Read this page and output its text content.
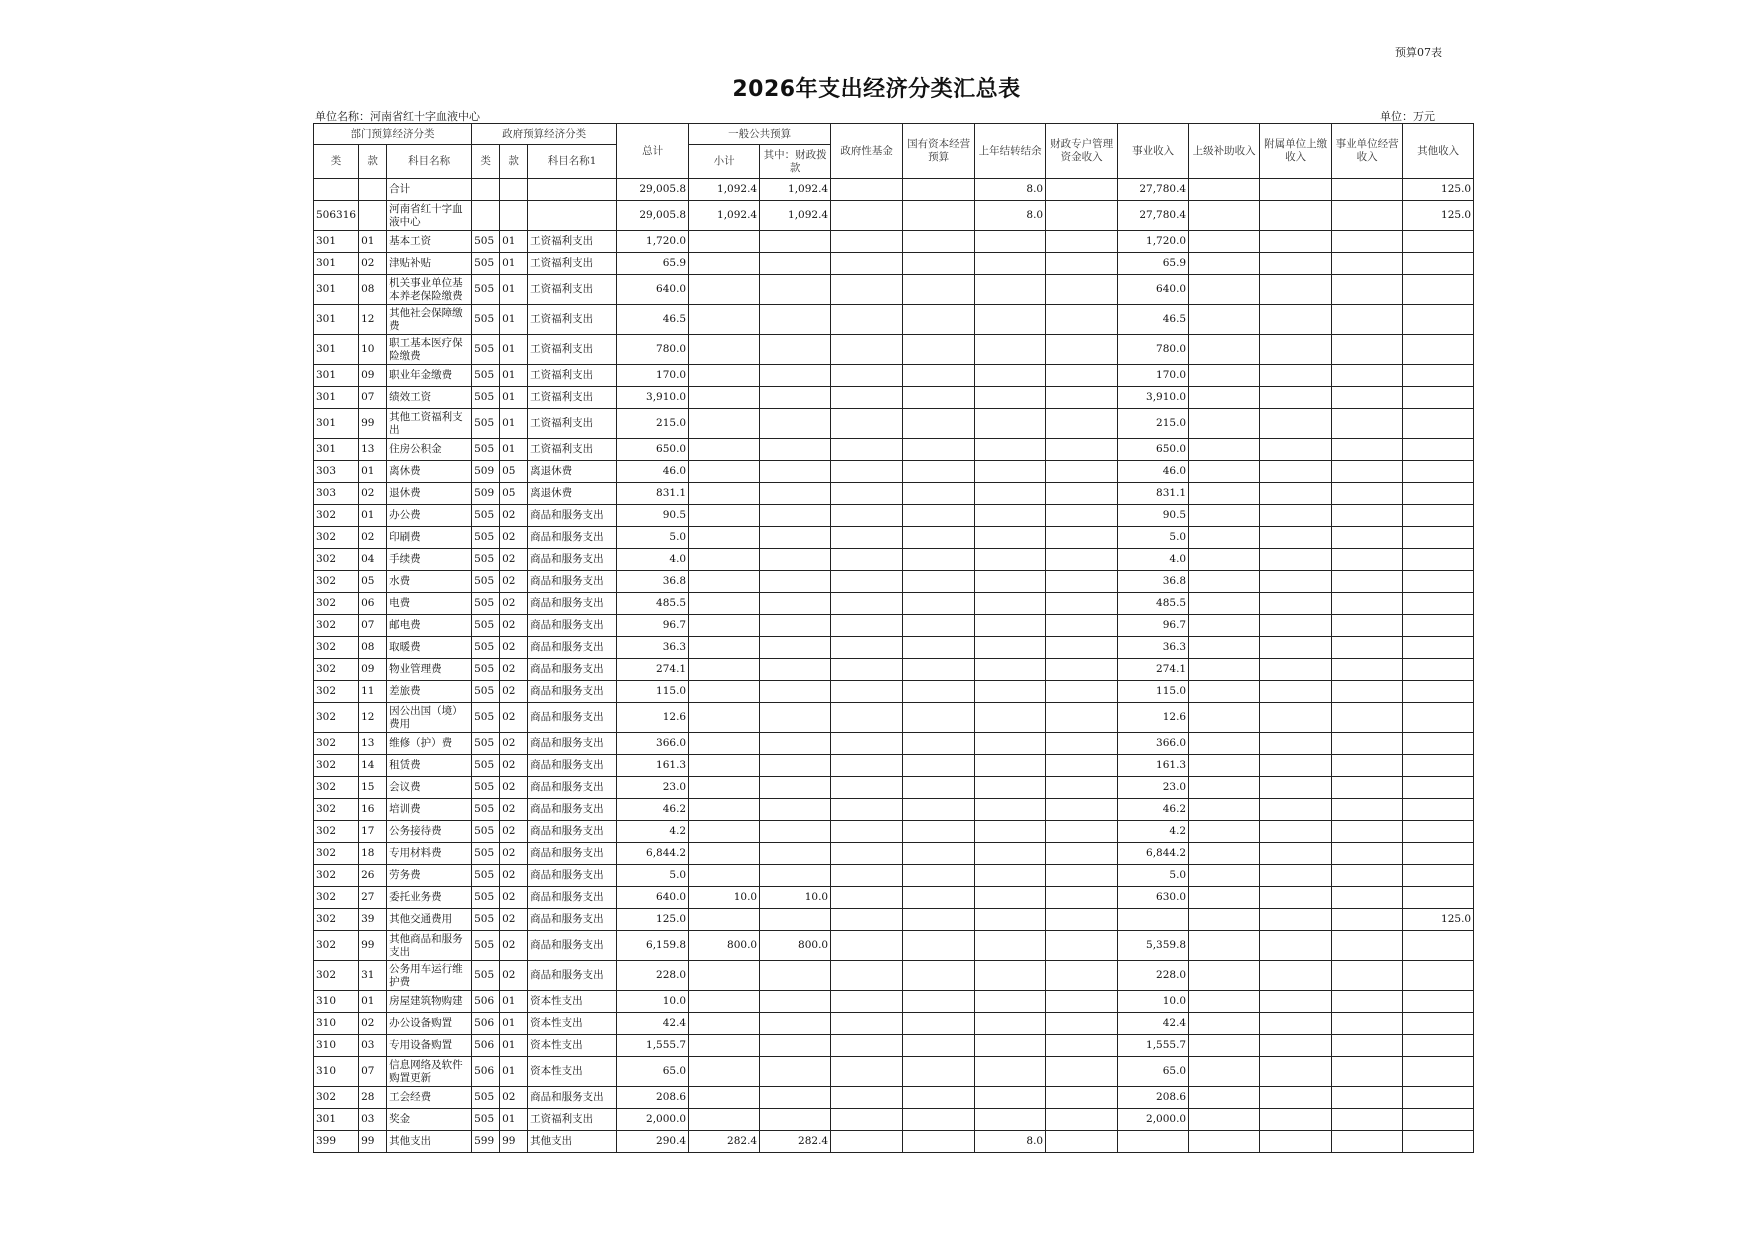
预算07表
2026年支出经济分类汇总表
单位名称：河南省红十字血液中心	单位：万元
部门预算经济分类			政府预算经济分类			总计	一般公共预算		政府性基金	国有资本经营预算	上年结转结余	财政专户管理资金收入	事业收入	上级补助收入	附属单位上缴收入	事业单位经营收入	其他收入
类	款	科目名称	类	款	科目名称1		小计	其中：财政拨款									
		合计				29,005.8	1,092.4	1,092.4			8.0		27,780.4				125.0
506316		河南省红十字血液中心				29,005.8	1,092.4	1,092.4			8.0		27,780.4				125.0
301	01	基本工资	505	01	工资福利支出	1,720.0							1,720.0				
301	02	津贴补贴	505	01	工资福利支出	65.9							65.9				
301	08	机关事业单位基本养老保险缴费	505	01	工资福利支出	640.0							640.0				
301	12	其他社会保障缴费	505	01	工资福利支出	46.5							46.5				
301	10	职工基本医疗保险缴费	505	01	工资福利支出	780.0							780.0				
301	09	职业年金缴费	505	01	工资福利支出	170.0							170.0				
301	07	绩效工资	505	01	工资福利支出	3,910.0							3,910.0				
301	99	其他工资福利支出	505	01	工资福利支出	215.0							215.0				
301	13	住房公积金	505	01	工资福利支出	650.0							650.0				
303	01	离休费	509	05	离退休费	46.0							46.0				
303	02	退休费	509	05	离退休费	831.1							831.1				
302	01	办公费	505	02	商品和服务支出	90.5							90.5				
302	02	印刷费	505	02	商品和服务支出	5.0							5.0				
302	04	手续费	505	02	商品和服务支出	4.0							4.0				
302	05	水费	505	02	商品和服务支出	36.8							36.8				
302	06	电费	505	02	商品和服务支出	485.5							485.5				
302	07	邮电费	505	02	商品和服务支出	96.7							96.7				
302	08	取暖费	505	02	商品和服务支出	36.3							36.3				
302	09	物业管理费	505	02	商品和服务支出	274.1							274.1				
302	11	差旅费	505	02	商品和服务支出	115.0							115.0				
302	12	因公出国（境）费用	505	02	商品和服务支出	12.6							12.6				
302	13	维修（护）费	505	02	商品和服务支出	366.0							366.0				
302	14	租赁费	505	02	商品和服务支出	161.3							161.3				
302	15	会议费	505	02	商品和服务支出	23.0							23.0				
302	16	培训费	505	02	商品和服务支出	46.2							46.2				
302	17	公务接待费	505	02	商品和服务支出	4.2							4.2				
302	18	专用材料费	505	02	商品和服务支出	6,844.2							6,844.2				
302	26	劳务费	505	02	商品和服务支出	5.0							5.0				
302	27	委托业务费	505	02	商品和服务支出	640.0	10.0	10.0					630.0				
302	39	其他交通费用	505	02	商品和服务支出	125.0											125.0
302	99	其他商品和服务支出	505	02	商品和服务支出	6,159.8	800.0	800.0					5,359.8				
302	31	公务用车运行维护费	505	02	商品和服务支出	228.0							228.0				
310	01	房屋建筑物购建	506	01	资本性支出	10.0							10.0				
310	02	办公设备购置	506	01	资本性支出	42.4							42.4				
310	03	专用设备购置	506	01	资本性支出	1,555.7							1,555.7				
310	07	信息网络及软件购置更新	506	01	资本性支出	65.0							65.0				
302	28	工会经费	505	02	商品和服务支出	208.6							208.6				
301	03	奖金	505	01	工资福利支出	2,000.0							2,000.0				
399	99	其他支出	599	99	其他支出	290.4	282.4	282.4			8.0						
